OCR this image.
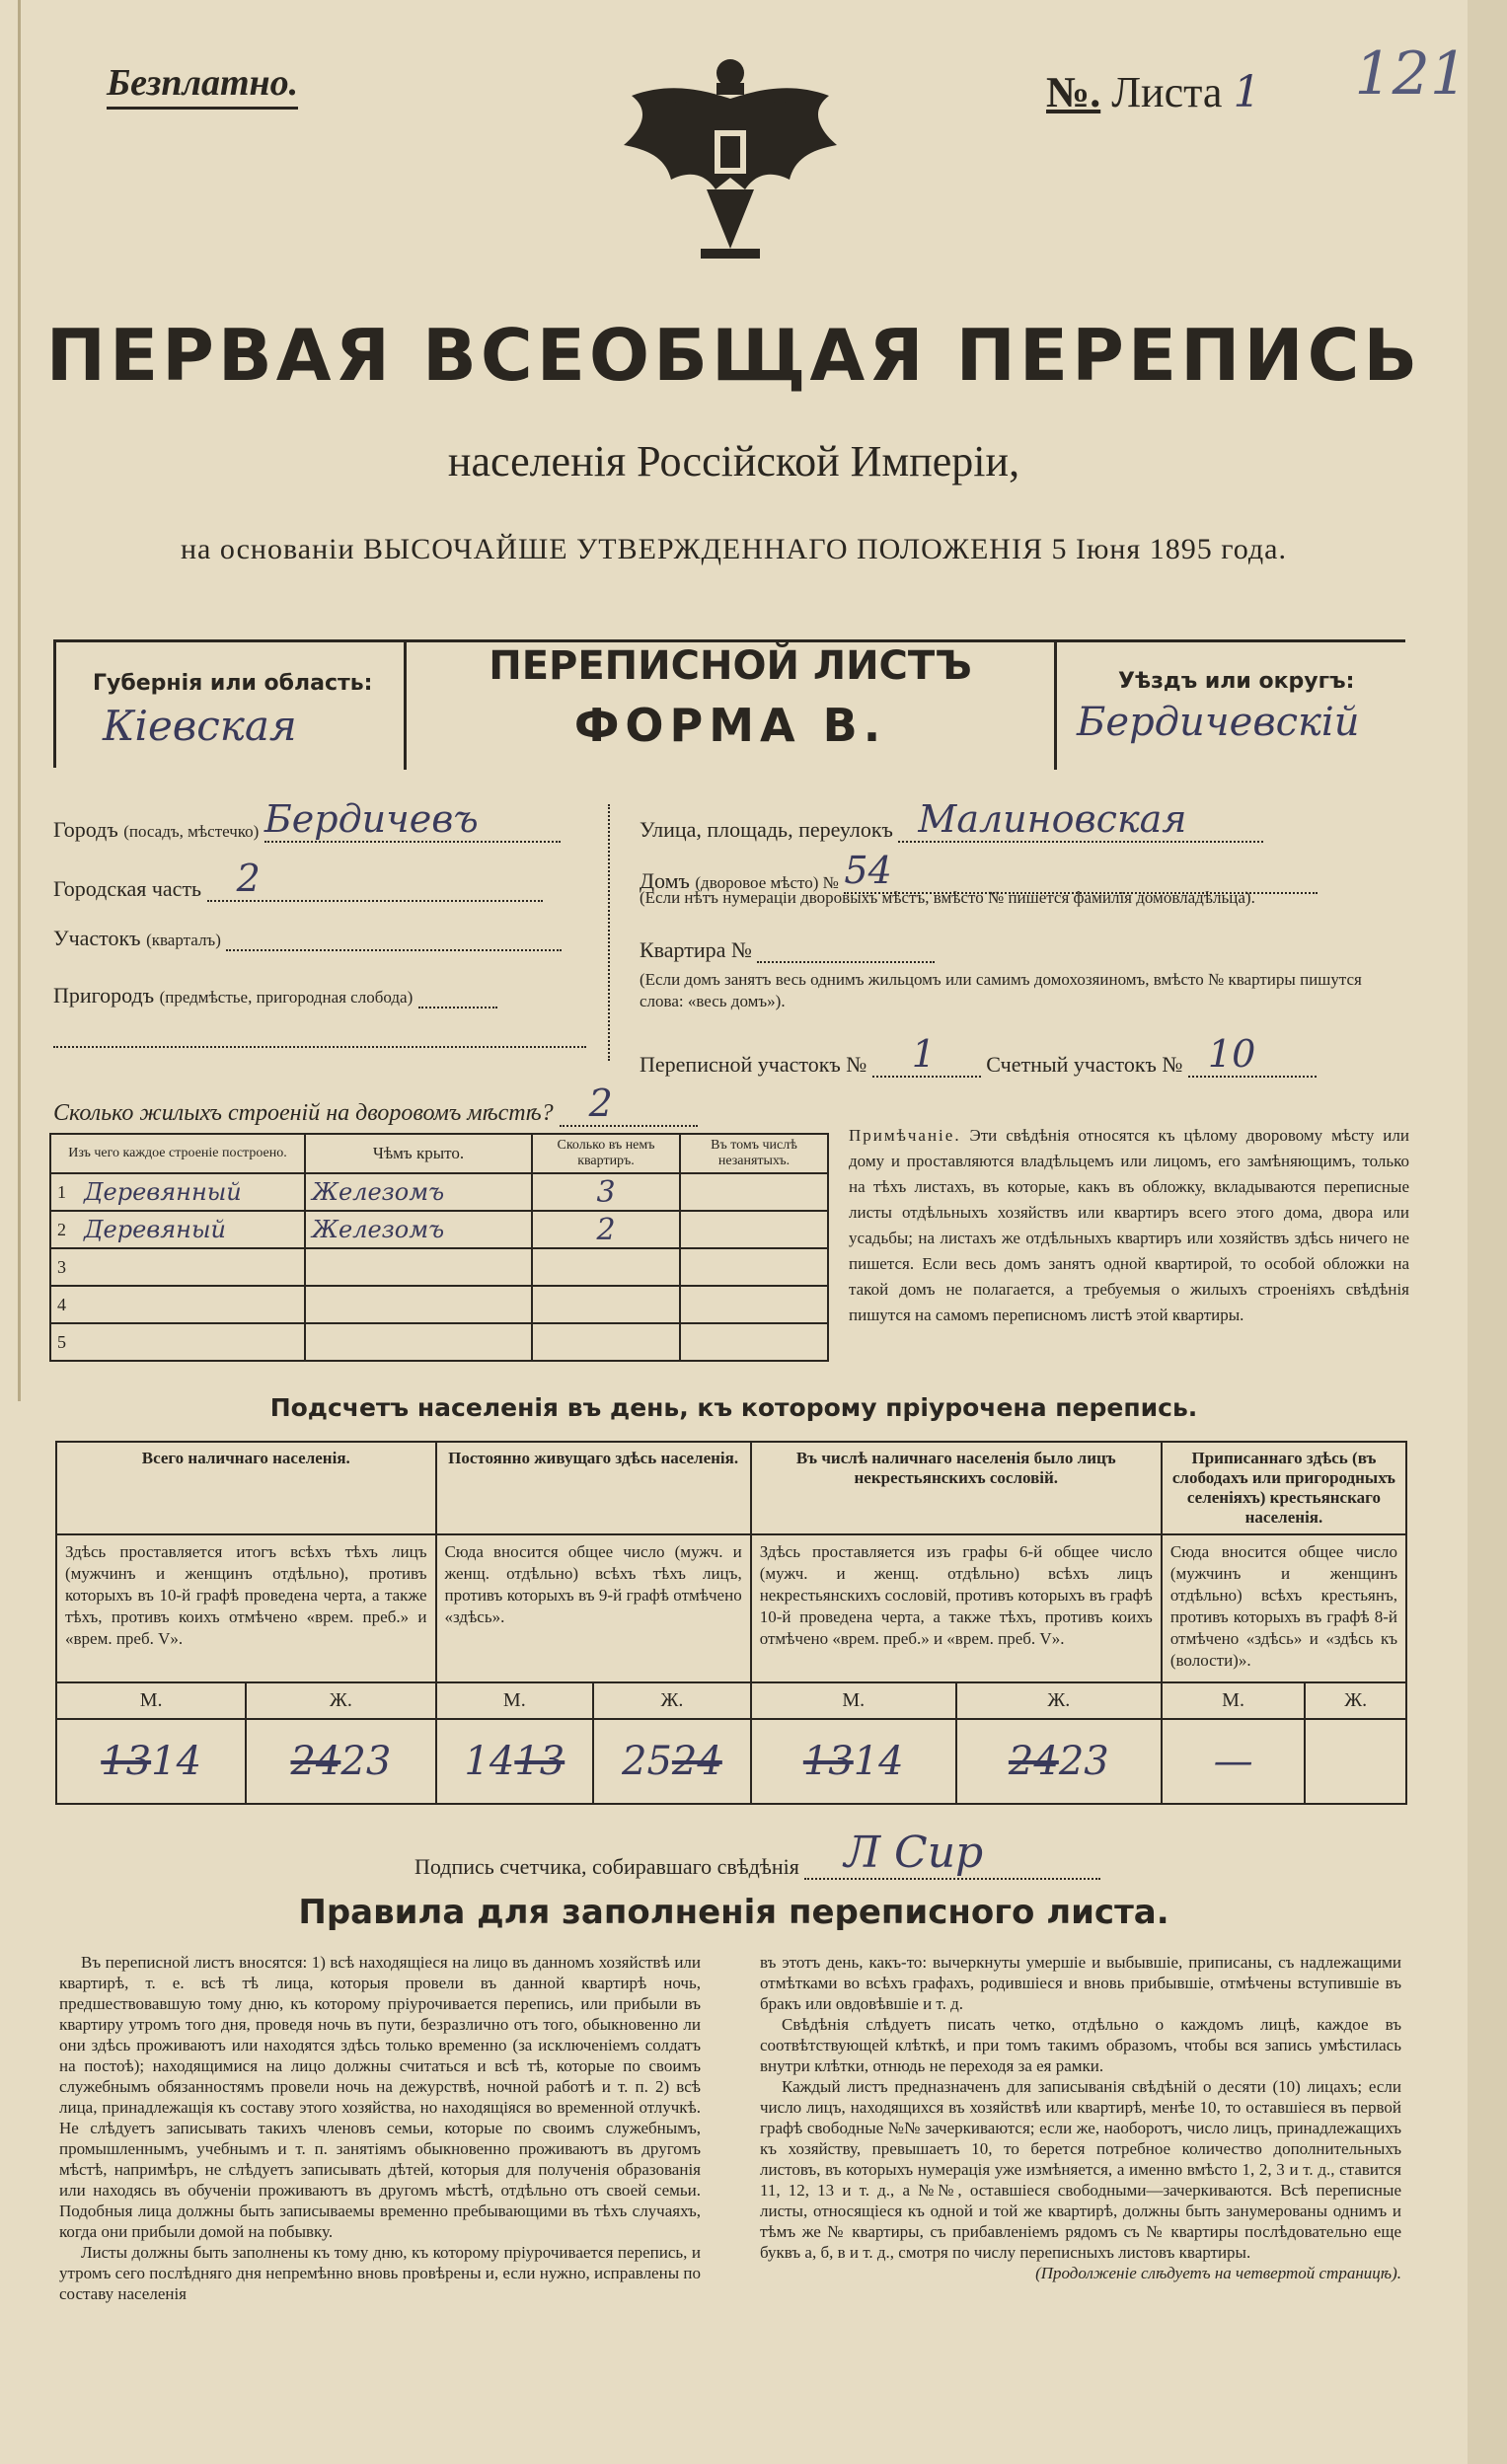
Безплатно.	№. Листа 1 121
ПЕРВАЯ ВСЕОБЩАЯ ПЕРЕПИСЬ
населенія Россійской Имперіи,
на основаніи ВЫСОЧАЙШЕ УТВЕРЖДЕННАГО ПОЛОЖЕНІЯ 5 Іюня 1895 года.
Губернія или область:
Кіевская
ПЕРЕПИСНОЙ ЛИСТЪ
ФОРМА В.
Уѣздъ или округъ:
Бердичевскій
Городъ (посадъ, мѣстечко) Бердичевъ
Городская часть 2
Участокъ (кварталъ)
Пригородъ (предмѣстье, пригородная слобода)
Улица, площадь, переулокъ Малиновская
Домъ (дворовое мѣсто) № 54
(Если нѣтъ нумераціи дворовыхъ мѣстъ, вмѣсто № пишется фамилія домовладѣльца).
Квартира №
(Если домъ занятъ весь однимъ жильцомъ или самимъ домохозяиномъ, вмѣсто № квартиры пишутся слова: «весь домъ»).
Переписной участокъ № 1 Счетный участокъ № 10
Сколько жилыхъ строеній на дворовомъ мѣстѣ? 2
Изъ чего каждое строеніе построено.		Чѣмъ крыто.	Сколько въ немъ квартиръ.	Въ томъ числѣ незанятыхъ.
1	Деревянный	Железомъ	3	
2	Деревяный	Железомъ	2	
3				
4				
5				
Примѣчаніе. Эти свѣдѣнія относятся къ цѣлому дворовому мѣсту или дому и проставляются владѣльцемъ или лицомъ, его замѣняющимъ, только на тѣхъ листахъ, въ которые, какъ въ обложку, вкладываются переписные листы отдѣльныхъ хозяйствъ или квартиръ всего этого дома, двора или усадьбы; на листахъ же отдѣльныхъ квартиръ или хозяйствъ здѣсь ничего не пишется. Если весь домъ занятъ одной квартирой, то особой обложки на такой домъ не полагается, а требуемыя о жилыхъ строеніяхъ свѣдѣнія пишутся на самомъ переписномъ листѣ этой квартиры.
Подсчетъ населенія въ день, къ которому пріурочена перепись.
Всего наличнаго населенія.		Постоянно живущаго здѣсь населенія.		Въ числѣ наличнаго населенія было лицъ некрестьянскихъ сословій.		Приписаннаго здѣсь (въ слободахъ или пригородныхъ селеніяхъ) крестьянскаго населенія.	
Здѣсь проставляется итогъ всѣхъ тѣхъ лицъ (мужчинъ и женщинъ отдѣльно), противъ которыхъ въ 10-й графѣ проведена черта, а также тѣхъ, противъ коихъ отмѣчено «врем. преб.» и «врем. преб. V».		Сюда вносится общее число (мужч. и женщ. отдѣльно) всѣхъ тѣхъ лицъ, противъ которыхъ въ 9-й графѣ отмѣчено «здѣсь».		Здѣсь проставляется изъ графы 6-й общее число (мужч. и женщ. отдѣльно) всѣхъ лицъ некрестьянскихъ сословій, противъ которыхъ въ графѣ 10-й проведена черта, а также тѣхъ, противъ коихъ отмѣчено «врем. преб.» и «врем. преб. V».		Сюда вносится общее число (мужчинъ и женщинъ отдѣльно) всѣхъ крестьянъ, противъ которыхъ въ графѣ 8-й отмѣчено «здѣсь» и «здѣсь къ (волости)».	
М.	Ж.	М.	Ж.	М.	Ж.	М.	Ж.
1314	2423	1413	2524	1314	2423	—	
Подпись счетчика, собиравшаго свѣдѣнія Л Сир
Правила для заполненія переписного листа.

Въ переписной листъ вносятся: 1) всѣ находящіеся на лицо въ данномъ хозяйствѣ или квартирѣ, т. е. всѣ тѣ лица, которыя провели въ данной квартирѣ ночь, предшествовавшую тому дню, къ которому пріурочивается перепись, или прибыли въ квартиру утромъ того дня, проведя ночь въ пути, безразлично отъ того, обыкновенно ли они здѣсь проживаютъ или находятся здѣсь только временно (за исключеніемъ солдатъ на постоѣ); находящимися на лицо должны считаться и всѣ тѣ, которые по своимъ служебнымъ обязанностямъ провели ночь на дежурствѣ, ночной работѣ и т. п. 2) всѣ лица, принадлежащія къ составу этого хозяйства, но находящіяся во временной отлучкѣ. Не слѣдуетъ записывать такихъ членовъ семьи, которые по своимъ служебнымъ, промышленнымъ, учебнымъ и т. п. занятіямъ обыкновенно проживаютъ въ другомъ мѣстѣ, напримѣръ, не слѣдуетъ записывать дѣтей, которыя для полученія образованія или находясь въ обученіи проживаютъ въ другомъ мѣстѣ, отдѣльно отъ своей семьи. Подобныя лица должны быть записываемы временно пребывающими въ тѣхъ случаяхъ, когда они прибыли домой на побывку.

Листы должны быть заполнены къ тому дню, къ которому пріурочивается перепись, и утромъ сего послѣдняго дня непремѣнно вновь провѣрены и, если нужно, исправлены по составу населенія

въ этотъ день, какъ-то: вычеркнуты умершіе и выбывшіе, приписаны, съ надлежащими отмѣтками во всѣхъ графахъ, родившіеся и вновь прибывшіе, отмѣчены вступившіе въ бракъ или овдовѣвшіе и т. д.

Свѣдѣнія слѣдуетъ писать четко, отдѣльно о каждомъ лицѣ, каждое въ соотвѣтствующей клѣткѣ, и при томъ такимъ образомъ, чтобы вся запись умѣстилась внутри клѣтки, отнюдь не переходя за ея рамки.

Каждый листъ предназначенъ для записыванія свѣдѣній о десяти (10) лицахъ; если число лицъ, находящихся въ хозяйствѣ или квартирѣ, менѣе 10, то оставшіеся въ первой графѣ свободные №№ зачеркиваются; если же, наоборотъ, число лицъ, принадлежащихъ къ хозяйству, превышаетъ 10, то берется потребное количество дополнительныхъ листовъ, въ которыхъ нумерація уже измѣняется, а именно вмѣсто 1, 2, 3 и т. д., ставится 11, 12, 13 и т. д., а №№, оставшіеся свободными—зачеркиваются. Всѣ переписные листы, относящіеся къ одной и той же квартирѣ, должны быть занумерованы однимъ и тѣмъ же № квартиры, съ прибавленіемъ рядомъ съ № квартиры послѣдовательно еще буквъ а, б, в и т. д., смотря по числу переписныхъ листовъ квартиры.

(Продолженіе слѣдуетъ на четвертой страницѣ).
